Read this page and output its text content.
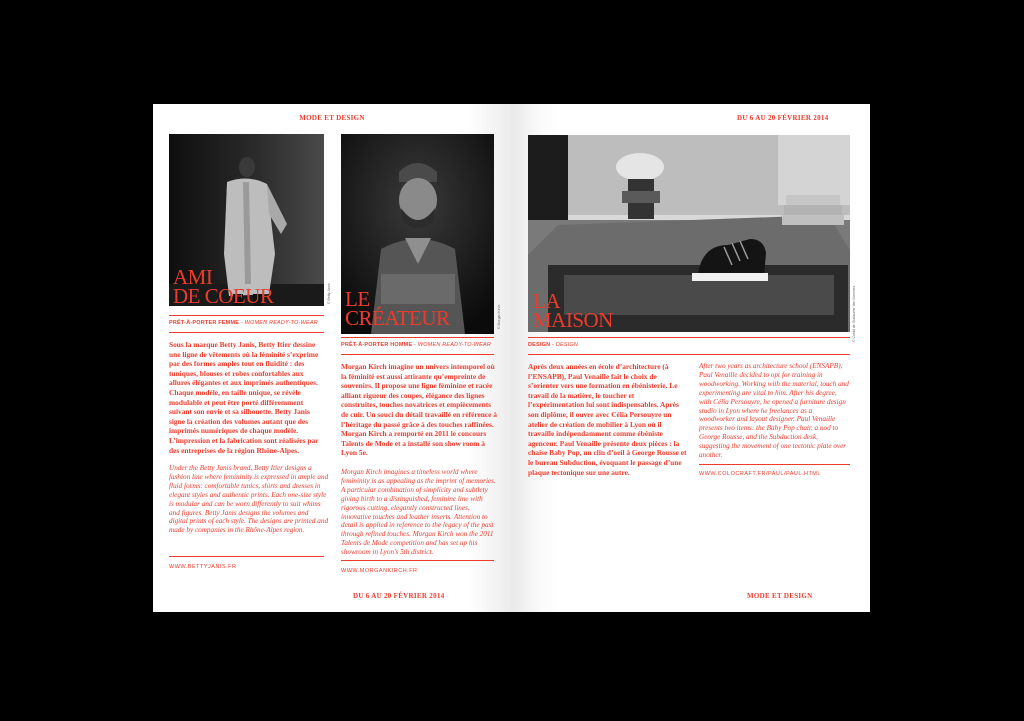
MODE ET DESIGN
© Betty Janis
AMI
DE COEUR
PRÊT-À-PORTER FEMME - WOMEN READY-TO-WEAR
Sous la marque Betty Janis, Betty Itier dessine une ligne de vêtements où la féminité s’exprime par des formes amples tout en fluidité : des tuniques, blouses et robes confortables aux allures élégantes et aux imprimés authentiques. Chaque modèle, en taille unique, se révèle modulable et peut être porté différemment suivant son envie et sa silhouette. Betty Janis signe la création des volumes autant que des imprimés numériques de chaque modèle. L’impression et la fabrication sont réalisées par des entreprises de la région Rhône-Alpes.
Under the Betty Janis brand, Betty Itier designs a fashion line where femininity is expressed in ample and fluid forms: comfortable tunics, shirts and dresses in elegant styles and authentic prints. Each one-size style is modular and can be worn differently to suit whims and figures. Betty Janis designs the volumes and digital prints of each style. The designs are printed and made by companies in the Rhône-Alpes region.
WWW.BETTYJANIS.FR
© Morgan Kirch
LE
CRÉATEUR
PRÊT-À-PORTER HOMME - WOMEN READY-TO-WEAR
Morgan Kirch imagine un univers intemporel où la féminité est aussi attirante qu’empreinte de souvenirs. Il propose une ligne féminine et racée alliant rigueur des coupes, élégance des lignes construites, touches novatrices et empiècements de cuir. Un souci du détail travaillé en référence à l’héritage du passé grâce à des touches raffinées. Morgan Kirch a remporté en 2011 le concours Talents de Mode et a installé son show room à Lyon 5e.
Morgan Kirch imagines a timeless world where femininity is as appealing as the imprint of memories. A particular combination of simplicity and subtlety giving birth to a distinguished, feminine line with rigorous cutting, elegantly constructed lines, innovative touches and leather inserts. Attention to detail is applied in reference to the legacy of the past through refined touches. Morgan Kirch won the 2011 Talents de Mode competition and has set up his showroom in Lyon’s 5th district.
WWW.MORGANKIRCH.FR
DU 6 AU 20 FÉVRIER 2014
DU 6 AU 20 FÉVRIER 2014
© Crédit de Guillaume Van Sommes
LA
MAISON
DESIGN - DESIGN
Après deux années en école d’architecture (à l’ENSAPB), Paul Venaille fait le choix de s’orienter vers une formation en ébénisterie. Le travail de la matière, le toucher et l’expérimentation lui sont indispensables. Après son diplôme, il ouvre avec Célia Persouyre un atelier de création de mobilier à Lyon où il travaille indépendamment comme ébéniste agenceur. Paul Venaille présente deux pièces : la chaise Baby Pop, un clin d’oeil à George Rousse et le bureau Subduction, évoquant le passage d’une plaque tectonique sur une autre.
After two years as architecture school (ENSAPB), Paul Venaille decided to opt for training in woodworking. Working with the material, touch and experimenting are vital to him. After his degree, with Célia Persouyre, he opened a furniture design studio in Lyon where he freelances as a woodworker and layout designer. Paul Venaille presents two items: the Baby Pop chair, a nod to George Rousse, and the Subduction desk, suggesting the movement of one tectonic plate over another.
WWW.COLOCRAFT.FR/PAUL/PAUL.HTML
MODE ET DESIGN
